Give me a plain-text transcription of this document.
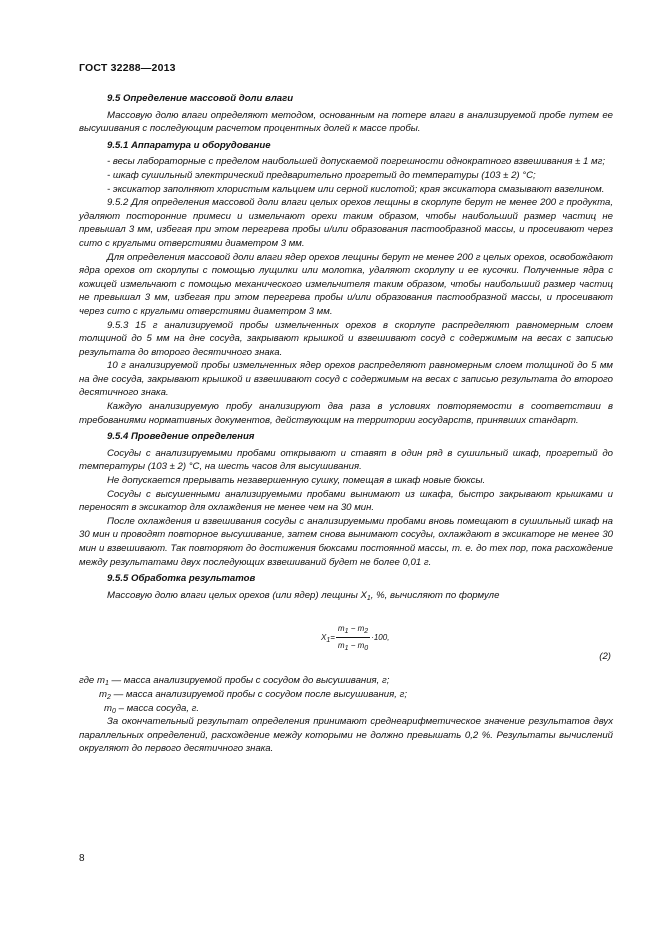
ГОСТ 32288—2013

9.5 Определение массовой доли влаги

Массовую долю влаги определяют методом, основанным на потере влаги в анализируемой пробе путем ее высушивания с последующим расчетом процентных долей к массе пробы.

9.5.1 Аппаратура и оборудование

- весы лабораторные с пределом наибольшей допускаемой погрешности однократного взвешивания ± 1 мг;

- шкаф сушильный электрический предварительно прогретый до температуры (103 ± 2) °С;

- эксикатор заполняют хлористым кальцием или серной кислотой; края эксикатора смазывают вазелином.

9.5.2 Для определения массовой доли влаги целых орехов лещины в скорлупе берут не менее 200 г продукта, удаляют посторонние примеси и измельчают орехи таким образом, чтобы наибольший размер частиц не превышал 3 мм, избегая при этом перегрева пробы и/или образования пастообразной массы, и просеивают через сито с круглыми отверстиями диаметром 3 мм.

Для определения массовой доли влаги ядер орехов лещины берут не менее 200 г целых орехов, освобождают ядра орехов от скорлупы с помощью лущилки или молотка, удаляют скорлупу и ее кусочки. Полученные ядра с кожицей измельчают с помощью механического измельчителя таким образом, чтобы наибольший размер частиц не превышал 3 мм, избегая при этом перегрева пробы и/или образования пастообразной массы, и просеивают через сито с круглыми отверстиями диаметром 3 мм.

9.5.3 15 г анализируемой пробы измельченных орехов в скорлупе распределяют равномерным слоем толщиной до 5 мм на дне сосуда, закрывают крышкой и взвешивают сосуд с содержимым на весах с записью результата до второго десятичного знака.

10 г анализируемой пробы измельченных ядер орехов распределяют равномерным слоем толщиной до 5 мм на дне сосуда, закрывают крышкой и взвешивают сосуд с содержимым на весах с записью результата до второго десятичного знака.

Каждую анализируемую пробу анализируют два раза в условиях повторяемости в соответствии в требованиями нормативных документов, действующим на территории государств, принявших стандарт.

9.5.4 Проведение определения

Сосуды с анализируемыми пробами открывают и ставят в один ряд в сушильный шкаф, прогретый до температуры (103 ± 2) °С, на шесть часов для высушивания.

Не допускается прерывать незавершенную сушку, помещая в шкаф новые бюксы.

Сосуды с высушенными анализируемыми пробами вынимают из шкафа, быстро закрывают крышками и переносят в эксикатор для охлаждения не менее чем на 30 мин.

После охлаждения и взвешивания сосуды с анализируемыми пробами вновь помещают в сушильный шкаф на 30 мин и проводят повторное высушивание, затем снова вынимают сосуды, охлаждают в эксикаторе не менее 30 мин и взвешивают. Так повторяют до достижения бюксами постоянной массы, т. е. до тех пор, пока расхождение между результатами двух последующих взвешиваний будет не более 0,01 г.

9.5.5 Обработка результатов

Массовую долю влаги целых орехов (или ядер) лещины $X_1$, %, вычисляют по формуле

$X_1 = \frac{m_1 - m_2}{m_1 - m_0} \cdot 100$,
(2)

где $m_1$ — масса анализируемой пробы с сосудом до высушивания, г;

$m_2$ — масса анализируемой пробы с сосудом после высушивания, г;

$m_0$ – масса сосуда, г.

За окончательный результат определения принимают среднеарифметическое значение результатов двух параллельных определений, расхождение между которыми не должно превышать 0,2 %. Результаты вычислений округляют до первого десятичного знака.

8
